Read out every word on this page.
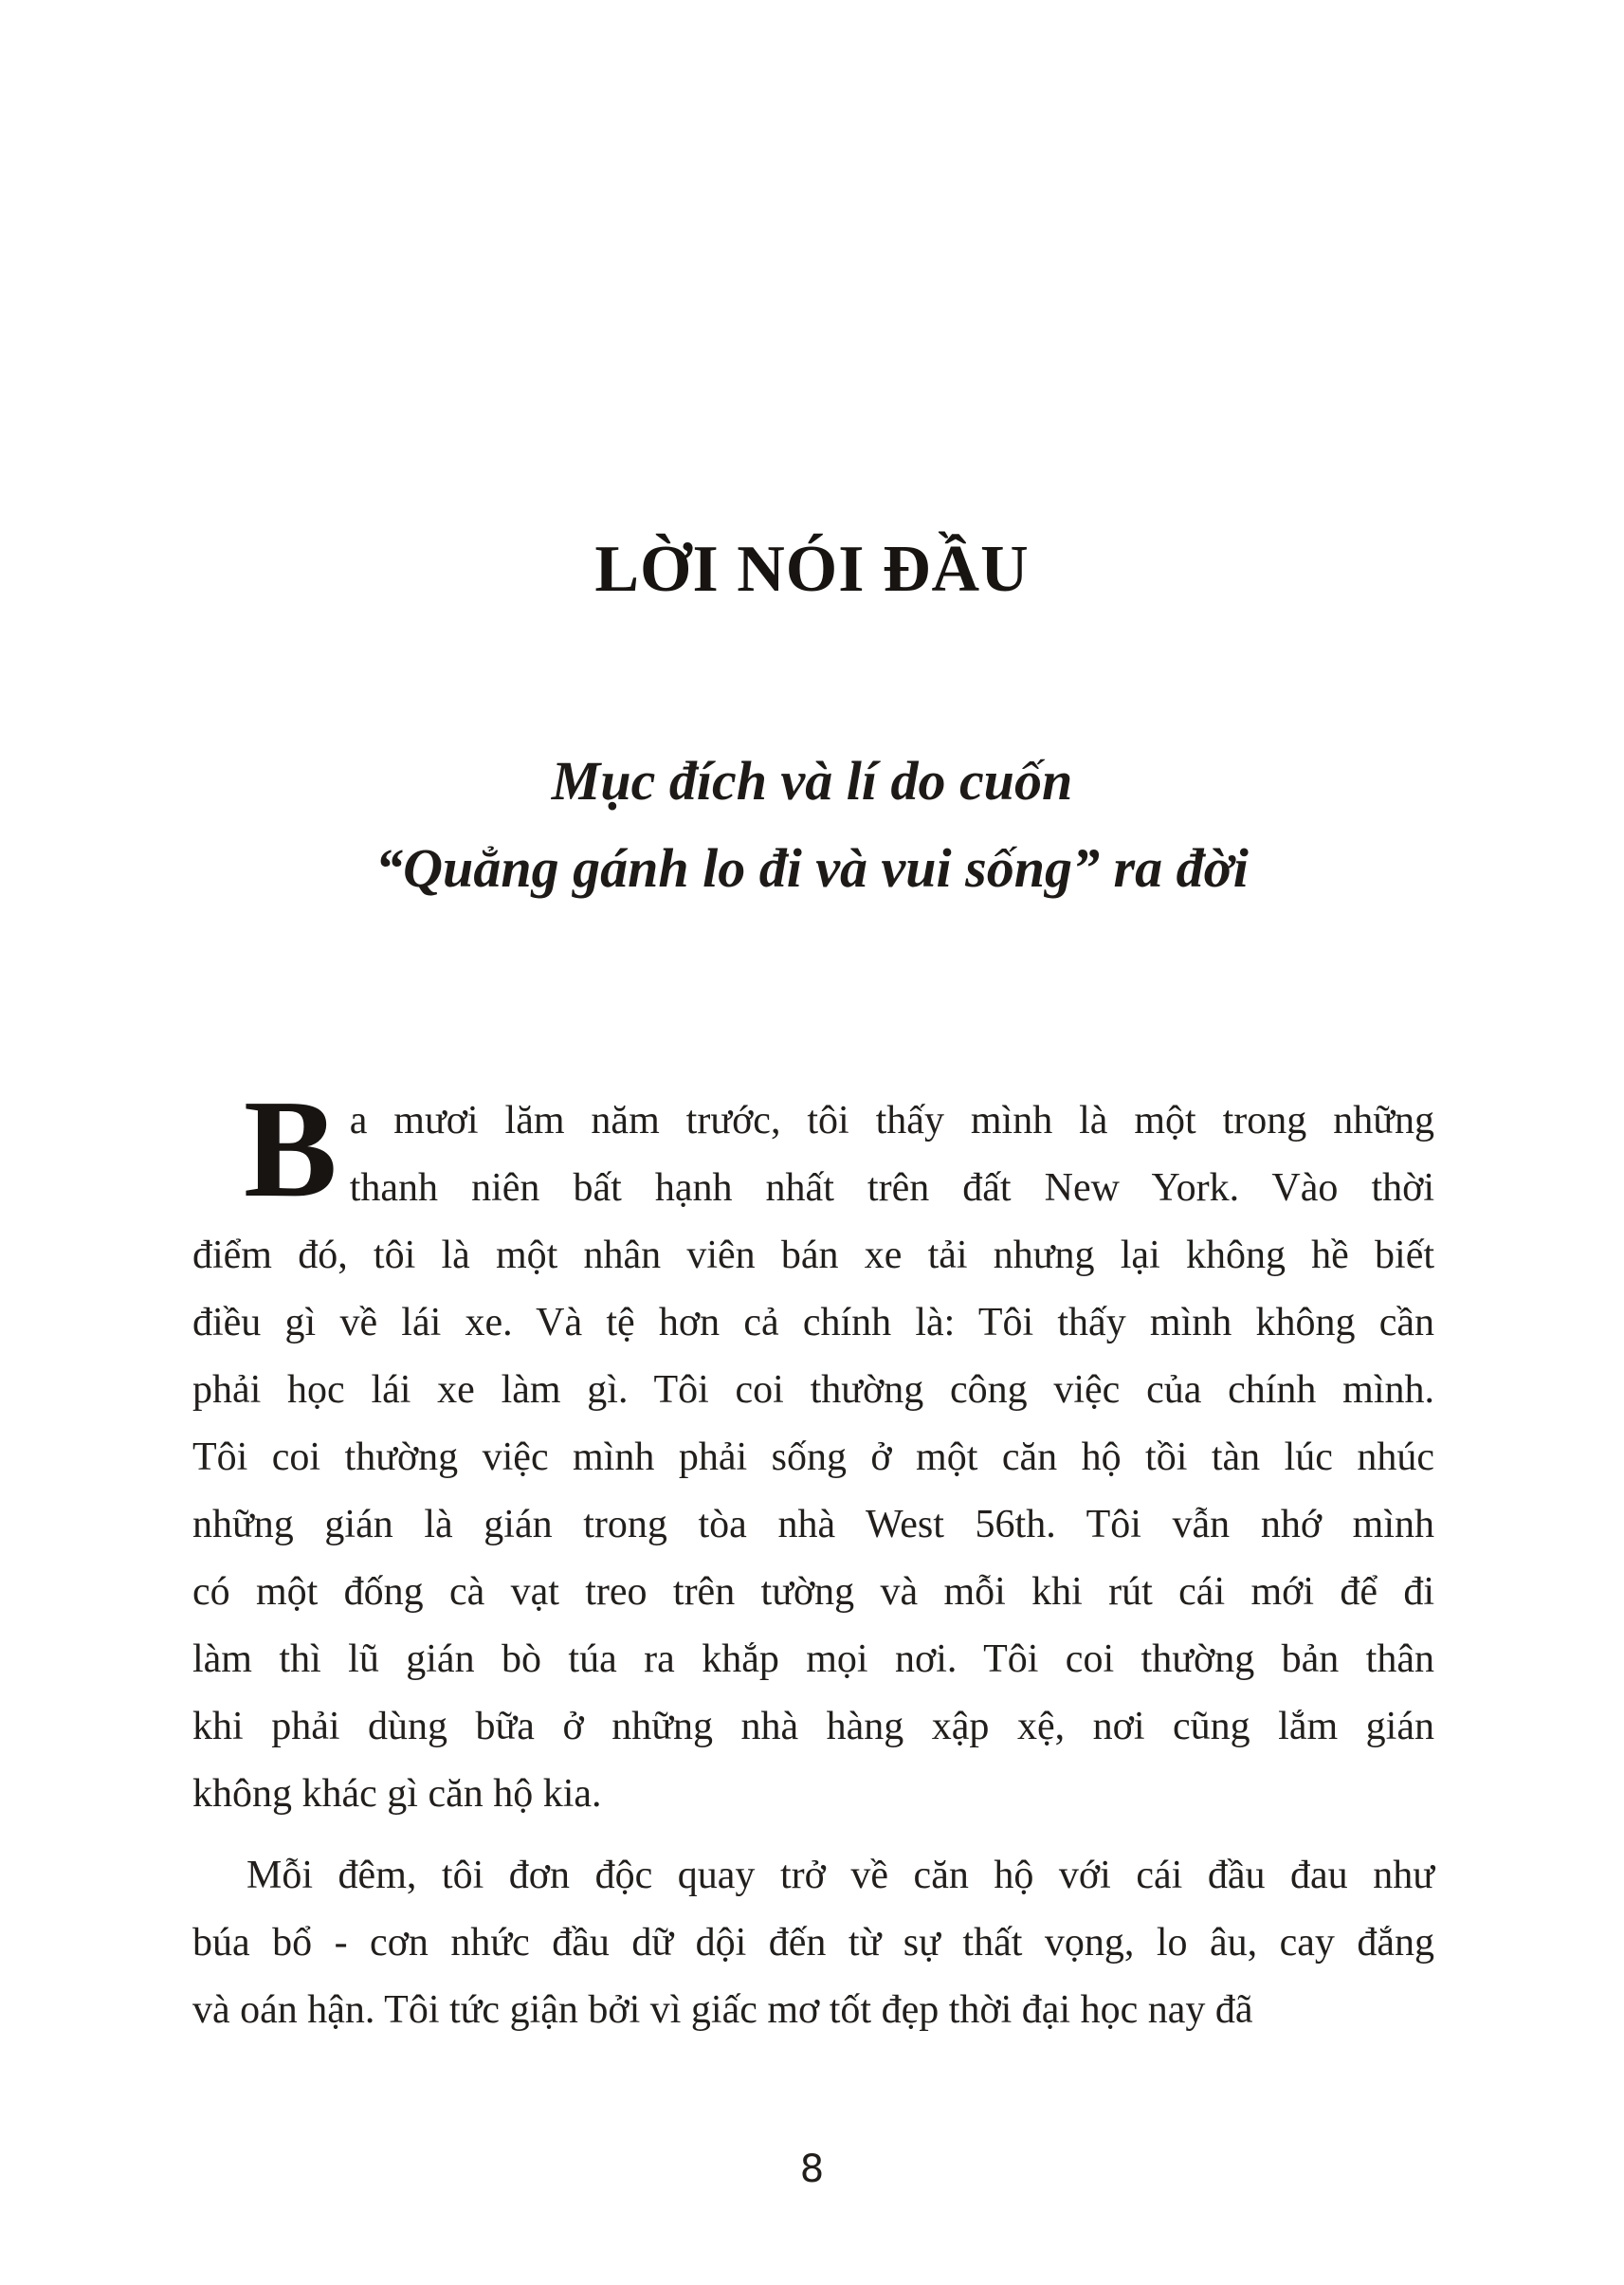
LỜI NÓI ĐẦU
Mục đích và lí do cuốn
“Quẳng gánh lo đi và vui sống” ra đời
B a mươi lăm năm trước, tôi thấy mình là một trong những
thanh niên bất hạnh nhất trên đất New York. Vào thời
điểm đó, tôi là một nhân viên bán xe tải nhưng lại không hề biết
điều gì về lái xe. Và tệ hơn cả chính là: Tôi thấy mình không cần
phải học lái xe làm gì. Tôi coi thường công việc của chính mình.
Tôi coi thường việc mình phải sống ở một căn hộ tồi tàn lúc nhúc
những gián là gián trong tòa nhà West 56th. Tôi vẫn nhớ mình
có một đống cà vạt treo trên tường và mỗi khi rút cái mới để đi
làm thì lũ gián bò túa ra khắp mọi nơi. Tôi coi thường bản thân
khi phải dùng bữa ở những nhà hàng xập xệ, nơi cũng lắm gián
không khác gì căn hộ kia.
Mỗi đêm, tôi đơn độc quay trở về căn hộ với cái đầu đau như
búa bổ - cơn nhức đầu dữ dội đến từ sự thất vọng, lo âu, cay đắng
và oán hận. Tôi tức giận bởi vì giấc mơ tốt đẹp thời đại học nay đã
8
